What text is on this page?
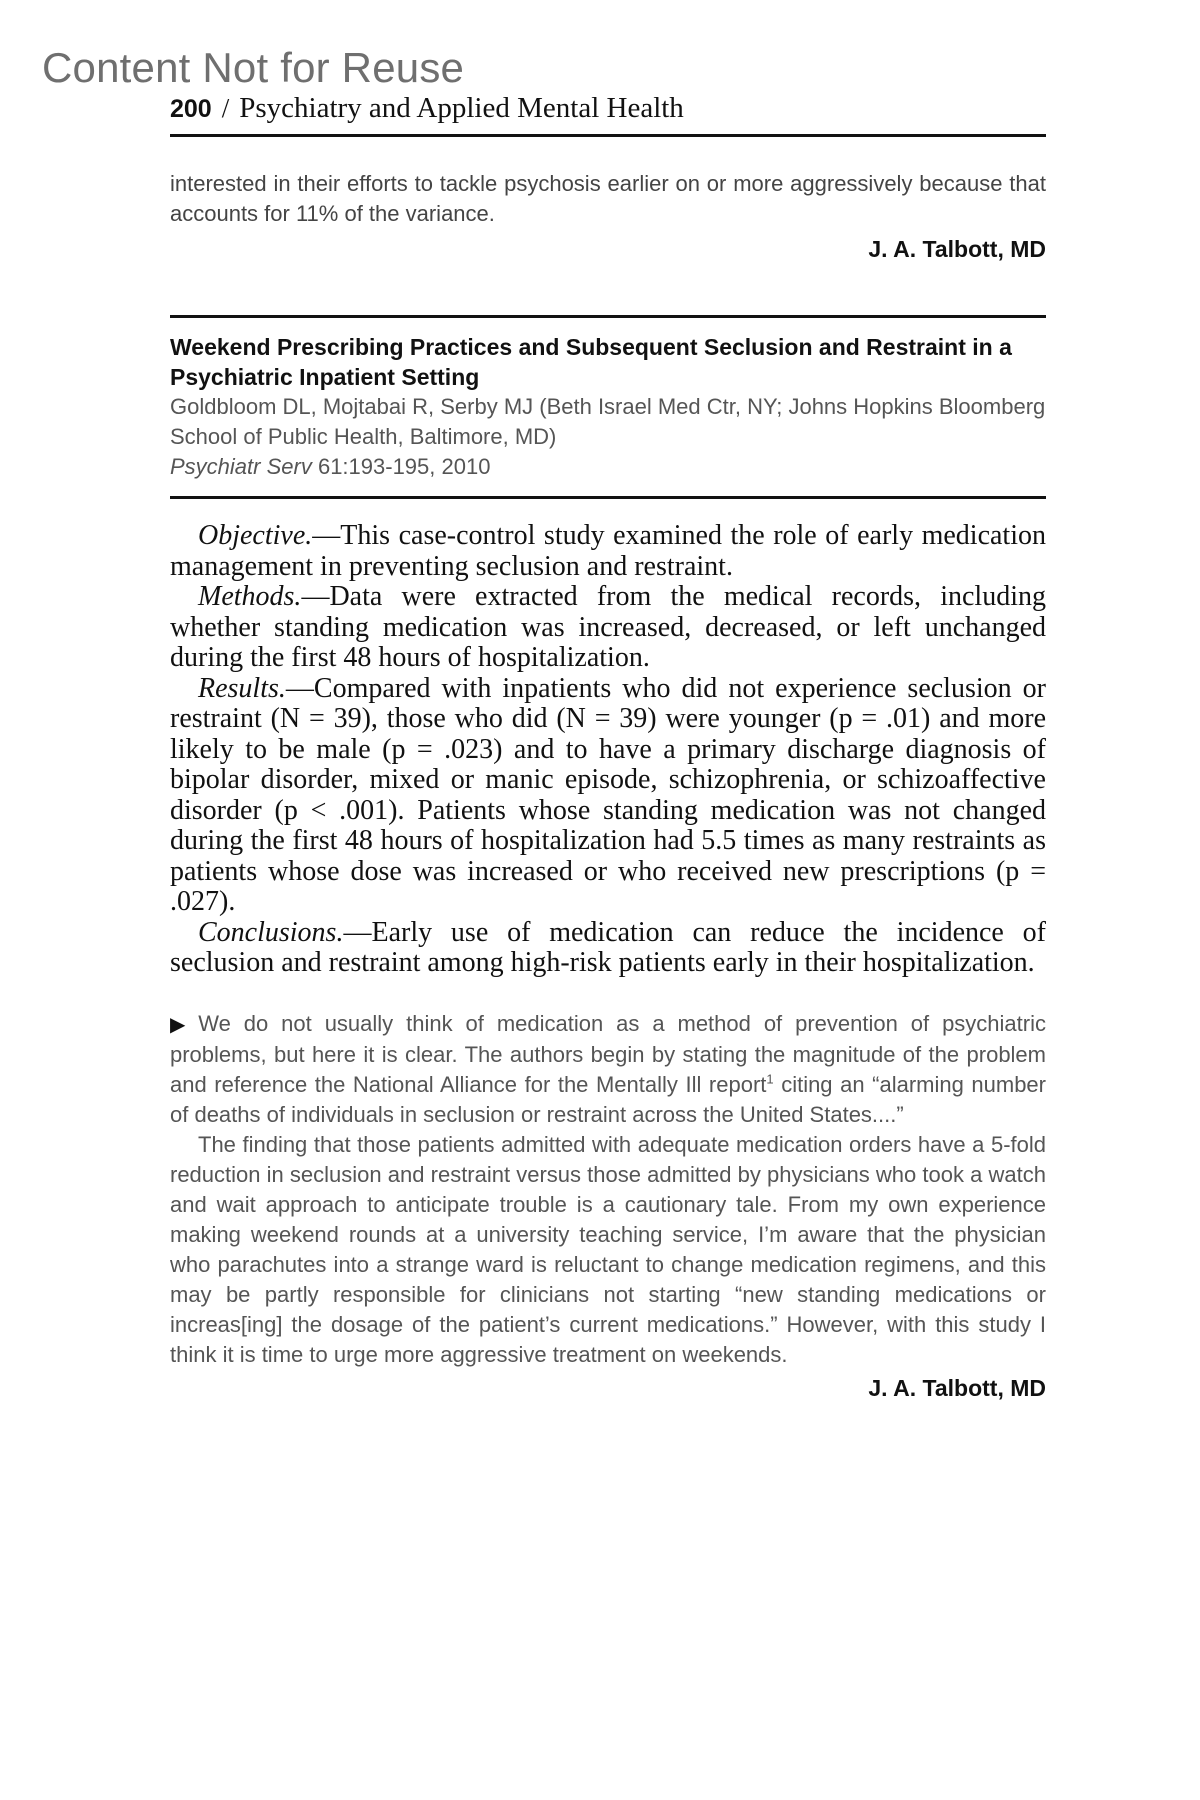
Content Not for Reuse
200 / Psychiatry and Applied Mental Health
interested in their efforts to tackle psychosis earlier on or more aggressively because that accounts for 11% of the variance.
J. A. Talbott, MD
Weekend Prescribing Practices and Subsequent Seclusion and Restraint in a Psychiatric Inpatient Setting
Goldbloom DL, Mojtabai R, Serby MJ (Beth Israel Med Ctr, NY; Johns Hopkins Bloomberg School of Public Health, Baltimore, MD)
Psychiatr Serv 61:193-195, 2010

Objective.—This case-control study examined the role of early medication management in preventing seclusion and restraint.

Methods.—Data were extracted from the medical records, including whether standing medication was increased, decreased, or left unchanged during the first 48 hours of hospitalization.

Results.—Compared with inpatients who did not experience seclusion or restraint (N = 39), those who did (N = 39) were younger (p = .01) and more likely to be male (p = .023) and to have a primary discharge diagnosis of bipolar disorder, mixed or manic episode, schizophrenia, or schizoaffective disorder (p < .001). Patients whose standing medication was not changed during the first 48 hours of hospitalization had 5.5 times as many restraints as patients whose dose was increased or who received new prescriptions (p = .027).

Conclusions.—Early use of medication can reduce the incidence of seclusion and restraint among high-risk patients early in their hospitalization.

▶ We do not usually think of medication as a method of prevention of psychiatric problems, but here it is clear. The authors begin by stating the magnitude of the problem and reference the National Alliance for the Mentally Ill report$^1$ citing an “alarming number of deaths of individuals in seclusion or restraint across the United States....”

The finding that those patients admitted with adequate medication orders have a 5-fold reduction in seclusion and restraint versus those admitted by physicians who took a watch and wait approach to anticipate trouble is a cautionary tale. From my own experience making weekend rounds at a university teaching service, I’m aware that the physician who parachutes into a strange ward is reluctant to change medication regimens, and this may be partly responsible for clinicians not starting “new standing medications or increas[ing] the dosage of the patient’s current medications.” However, with this study I think it is time to urge more aggressive treatment on weekends.

J. A. Talbott, MD
